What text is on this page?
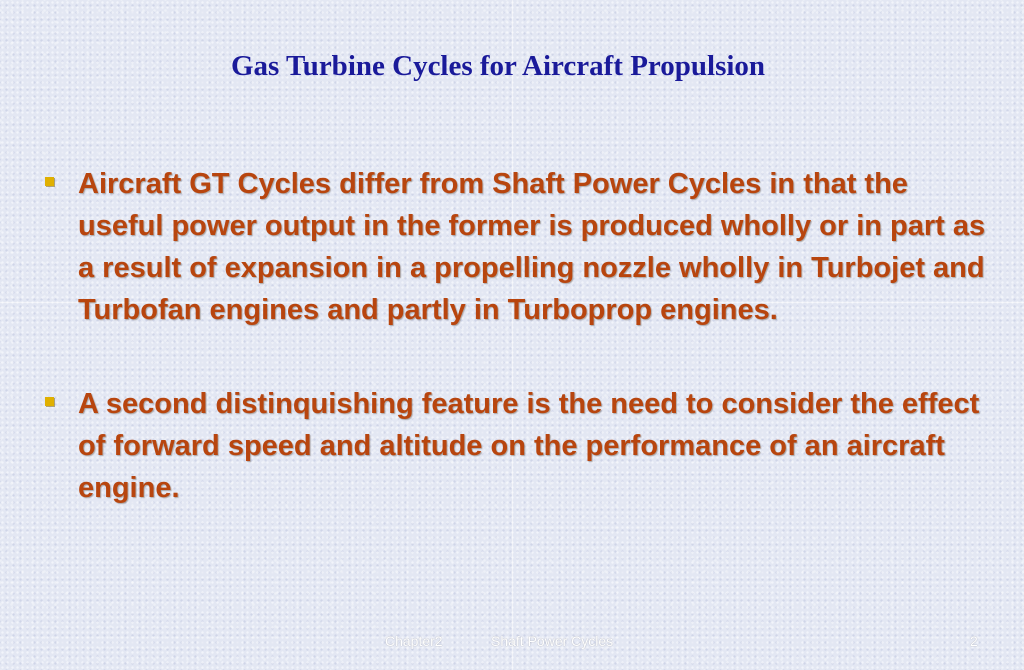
Gas Turbine Cycles for Aircraft Propulsion
Aircraft GT Cycles differ from Shaft Power Cycles in that the useful power output in the former is produced wholly or in part as a result of expansion in a propelling nozzle wholly in Turbojet and Turbofan engines and partly in Turboprop engines.
A second distinquishing feature is the need to consider the effect of forward speed and altitude on the performance of an aircraft engine.
Chapter2	Shaft Power Cycles	2
